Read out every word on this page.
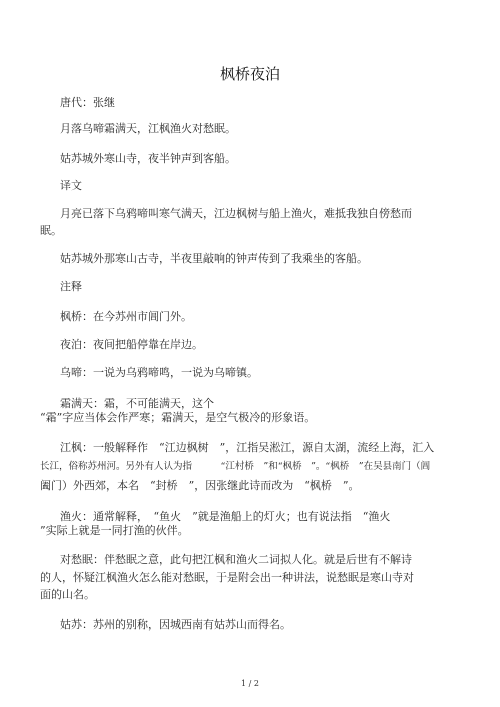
枫桥夜泊
唐代：张继
月落乌啼霜满天，江枫渔火对愁眠。
姑苏城外寒山寺，夜半钟声到客船。
译文
月亮已落下乌鸦啼叫寒气满天，江边枫树与船上渔火，难抵我独自傍愁而
眠。
姑苏城外那寒山古寺，半夜里敲响的钟声传到了我乘坐的客船。
注释
枫桥：在今苏州市阊门外。
夜泊：夜间把船停靠在岸边。
乌啼：一说为乌鸦啼鸣，一说为乌啼镇。
霜满天：霜，不可能满天，这个
“霜”字应当体会作严寒；霜满天，是空气极冷的形象语。
江枫：一般解释作　“江边枫树　”，江指吴淞江，源自太湖，流经上海，汇入
长江，俗称苏州河。另外有人认为指　　　“江村桥　”和“枫桥　”。“枫桥　”在吴县南门（阊
阖门）外西郊，本名　“封桥　”，因张继此诗而改为　“枫桥　”。
渔火：通常解释，　“鱼火　”就是渔船上的灯火；也有说法指　“渔火
”实际上就是一同打渔的伙伴。
对愁眠：伴愁眠之意，此句把江枫和渔火二词拟人化。就是后世有不解诗
的人，怀疑江枫渔火怎么能对愁眠，于是附会出一种讲法，说愁眠是寒山寺对
面的山名。
姑苏：苏州的别称，因城西南有姑苏山而得名。
1 / 2
